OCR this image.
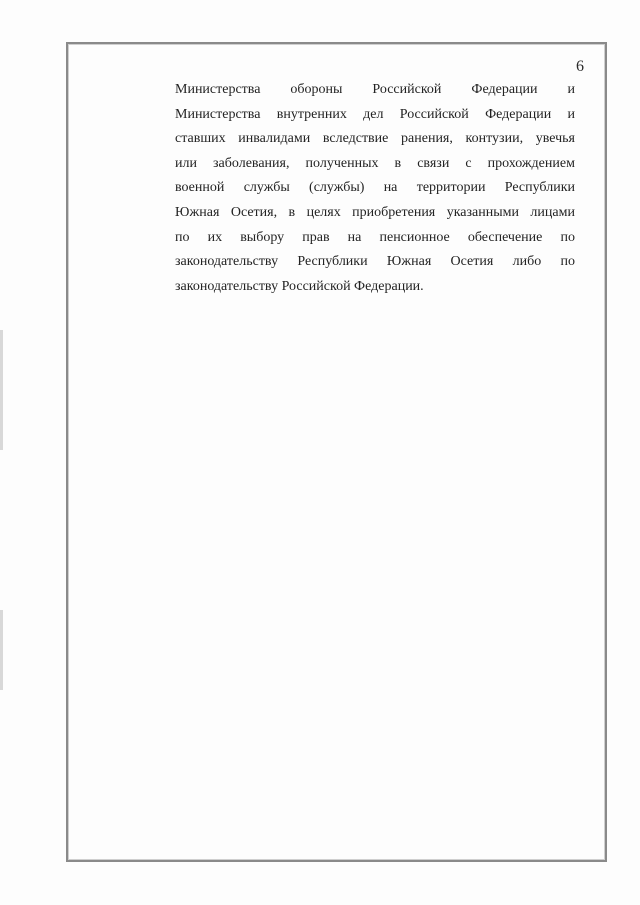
6
Министерства обороны Российской Федерации и
Министерства внутренних дел Российской Федерации и
ставших инвалидами вследствие ранения, контузии, увечья
или заболевания, полученных в связи с прохождением
военной службы (службы) на территории Республики
Южная Осетия, в целях приобретения указанными лицами
по их выбору прав на пенсионное обеспечение по
законодательству Республики Южная Осетия либо по
законодательству Российской Федерации.
